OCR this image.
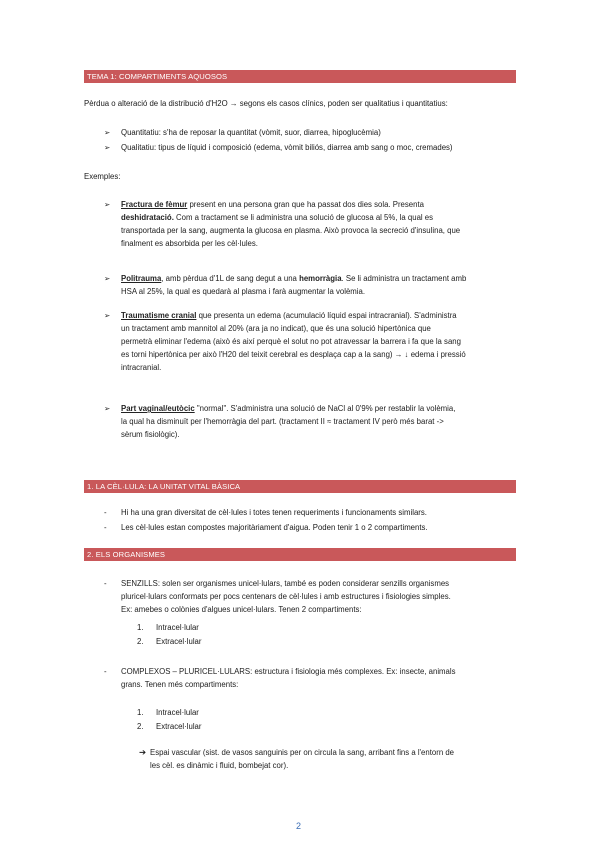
TEMA 1: COMPARTIMENTS AQUOSOS
Pèrdua o alteració de la distribució d'H2O → segons els casos clínics, poden ser qualitatius i quantitatius:
➢ Quantitatiu: s'ha de reposar la quantitat (vòmit, suor, diarrea, hipoglucèmia)
➢ Qualitatiu: tipus de líquid i composició (edema, vòmit biliós, diarrea amb sang o moc, cremades)
Exemples:
➢ Fractura de fèmur present en una persona gran que ha passat dos dies sola. Presenta
deshidratació. Com a tractament se li administra una solució de glucosa al 5%, la qual es
transportada per la sang, augmenta la glucosa en plasma. Això provoca la secreció d'insulina, que
finalment es absorbida per les cèl·lules.
➢ Politrauma, amb pèrdua d'1L de sang degut a una hemorràgia. Se li administra un tractament amb
HSA al 25%, la qual es quedarà al plasma i farà augmentar la volèmia.
➢ Traumatisme cranial que presenta un edema (acumulació líquid espai intracranial). S'administra
un tractament amb mannitol al 20% (ara ja no indicat), que és una solució hipertònica que
permetrà eliminar l'edema (això és així perquè el solut no pot atravessar la barrera i fa que la sang
es torni hipertònica per això l'H20 del teixit cerebral es desplaça cap a la sang) → ↓ edema i pressió
intracranial.
➢ Part vaginal/eutòcic "normal". S'administra una solució de NaCl al 0'9% per restablir la volèmia,
la qual ha disminuït per l'hemorràgia del part. (tractament II ≈ tractament IV però més barat ->
sèrum fisiològic).
1. LA CÈL·LULA: LA UNITAT VITAL BÀSICA
- Hi ha una gran diversitat de cèl·lules i totes tenen requeriments i funcionaments similars.
- Les cèl·lules estan compostes majoritàriament d'aigua. Poden tenir 1 o 2 compartiments.
2. ELS ORGANISMES
- SENZILLS: solen ser organismes unicel·lulars, també es poden considerar senzills organismes
pluricel·lulars conformats per pocs centenars de cèl·lules i amb estructures i fisiologies simples.
Ex: amebes o colònies d'algues unicel·lulars. Tenen 2 compartiments:
1. Intracel·lular
2. Extracel·lular
- COMPLEXOS – PLURICEL·LULARS: estructura i fisiologia més complexes. Ex: insecte, animals
grans. Tenen més compartiments:
1. Intracel·lular
2. Extracel·lular
➔ Espai vascular (sist. de vasos sanguinis per on circula la sang, arribant fins a l'entorn de
les cèl. es dinàmic i fluid, bombejat cor).
2
